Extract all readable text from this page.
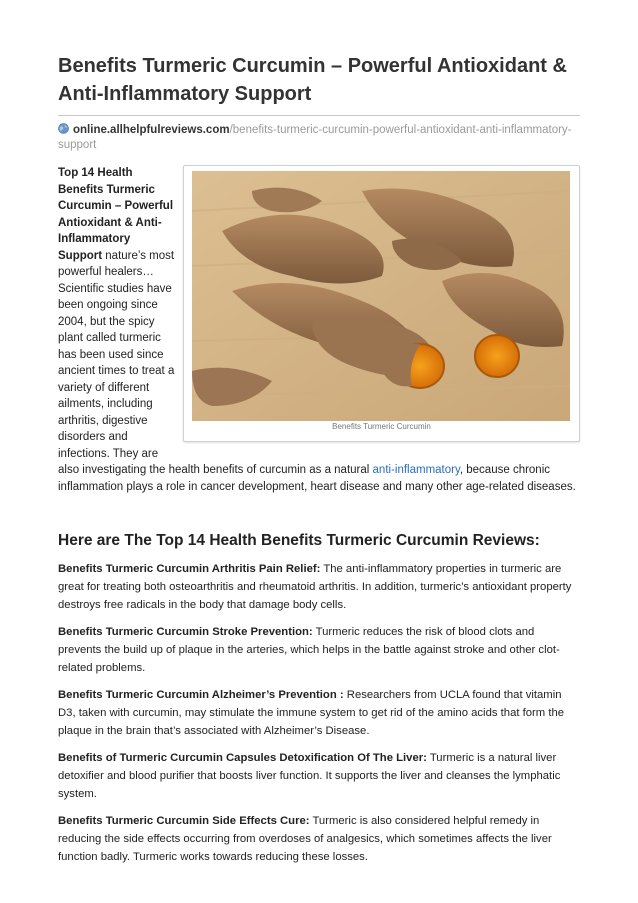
Benefits Turmeric Curcumin – Powerful Antioxidant &
Anti-Inflammatory Support
online.allhelpfulreviews.com/benefits-turmeric-curcumin-powerful-antioxidant-anti-inflammatory-support
Benefits Turmeric Curcumin
Top 14 Health Benefits Turmeric Curcumin – Powerful Antioxidant & Anti-Inflammatory Support nature’s most powerful healers… Scientific studies have been ongoing since 2004, but the spicy plant called turmeric has been used since ancient times to treat a variety of different ailments, including arthritis, digestive disorders and infections. They are also investigating the health benefits of curcumin as a natural anti-inflammatory, because chronic inflammation plays a role in cancer development, heart disease and many other age-related diseases.
Here are The Top 14 Health Benefits Turmeric Curcumin Reviews:
Benefits Turmeric Curcumin Arthritis Pain Relief: The anti-inflammatory properties in turmeric are great for treating both osteoarthritis and rheumatoid arthritis. In addition, turmeric’s antioxidant property destroys free radicals in the body that damage body cells.
Benefits Turmeric Curcumin Stroke Prevention: Turmeric reduces the risk of blood clots and prevents the build up of plaque in the arteries, which helps in the battle against stroke and other clot-related problems.
Benefits Turmeric Curcumin Alzheimer’s Prevention : Researchers from UCLA found that vitamin D3, taken with curcumin, may stimulate the immune system to get rid of the amino acids that form the plaque in the brain that’s associated with Alzheimer’s Disease.
Benefits of Turmeric Curcumin Capsules Detoxification Of The Liver: Turmeric is a natural liver detoxifier and blood purifier that boosts liver function. It supports the liver and cleanses the lymphatic system.
Benefits Turmeric Curcumin Side Effects Cure: Turmeric is also considered helpful remedy in reducing the side effects occurring from overdoses of analgesics, which sometimes affects the liver function badly. Turmeric works towards reducing these losses.
